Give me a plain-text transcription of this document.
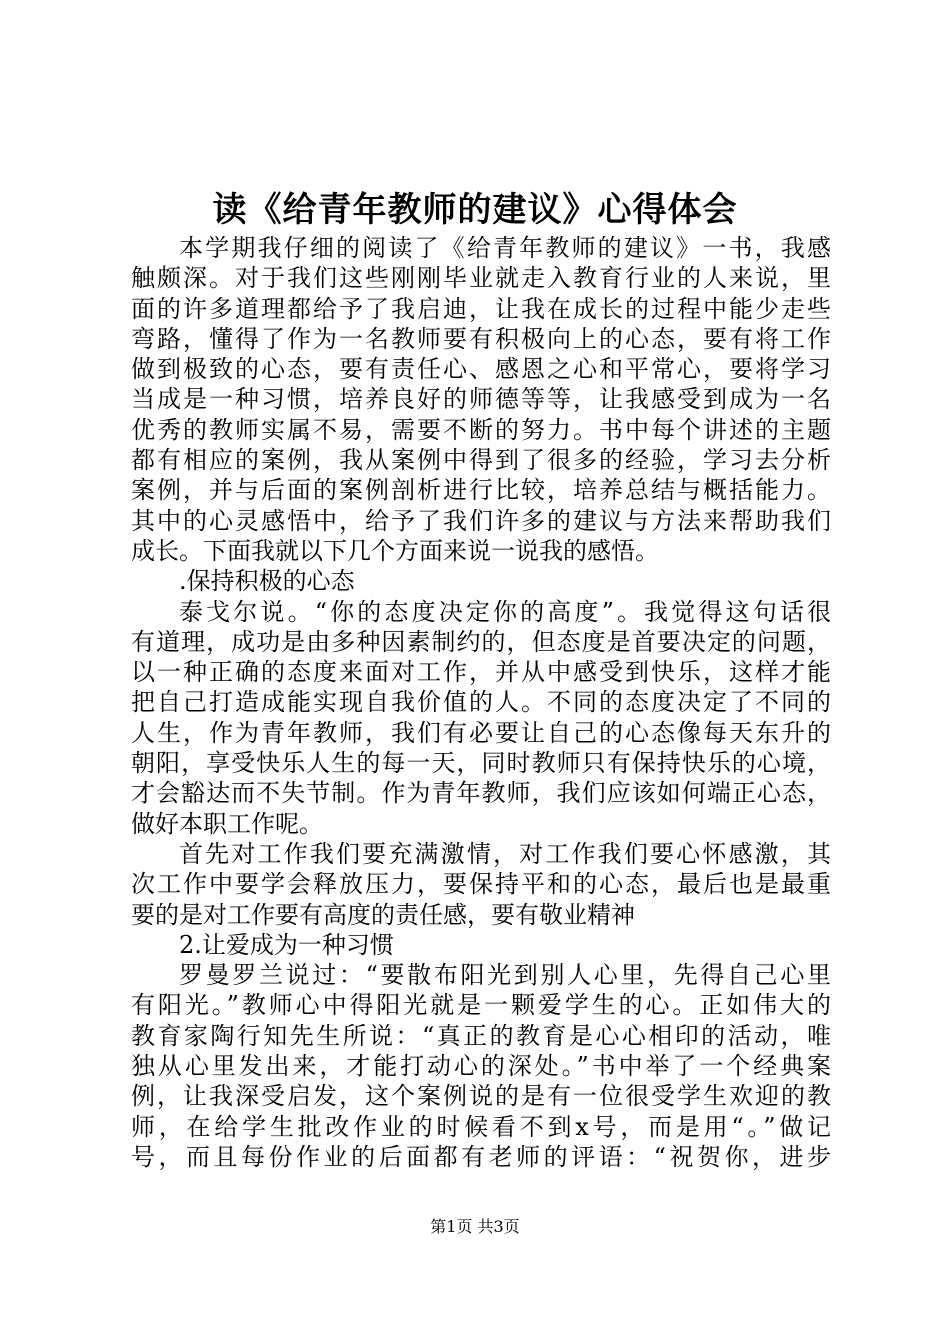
读《给青年教师的建议》心得体会
本学期我仔细的阅读了《给青年教师的建议》一书，我感
触颇深。对于我们这些刚刚毕业就走入教育行业的人来说，里
面的许多道理都给予了我启迪，让我在成长的过程中能少走些
弯路，懂得了作为一名教师要有积极向上的心态，要有将工作
做到极致的心态，要有责任心、感恩之心和平常心，要将学习
当成是一种习惯，培养良好的师德等等，让我感受到成为一名
优秀的教师实属不易，需要不断的努力。书中每个讲述的主题
都有相应的案例，我从案例中得到了很多的经验，学习去分析
案例，并与后面的案例剖析进行比较，培养总结与概括能力。
其中的心灵感悟中，给予了我们许多的建议与方法来帮助我们
成长。下面我就以下几个方面来说一说我的感悟。
.保持积极的心态
泰戈尔说。“你的态度决定你的高度”。我觉得这句话很
有道理，成功是由多种因素制约的，但态度是首要决定的问题，
以一种正确的态度来面对工作，并从中感受到快乐，这样才能
把自己打造成能实现自我价值的人。不同的态度决定了不同的
人生，作为青年教师，我们有必要让自己的心态像每天东升的
朝阳，享受快乐人生的每一天，同时教师只有保持快乐的心境，
才会豁达而不失节制。作为青年教师，我们应该如何端正心态，
做好本职工作呢。
首先对工作我们要充满激情，对工作我们要心怀感激，其
次工作中要学会释放压力，要保持平和的心态，最后也是最重
要的是对工作要有高度的责任感，要有敬业精神
2.让爱成为一种习惯
罗曼罗兰说过：“要散布阳光到别人心里，先得自己心里
有阳光。”教师心中得阳光就是一颗爱学生的心。正如伟大的
教育家陶行知先生所说：“真正的教育是心心相印的活动，唯
独从心里发出来，才能打动心的深处。”书中举了一个经典案
例，让我深受启发，这个案例说的是有一位很受学生欢迎的教
师，在给学生批改作业的时候看不到x号，而是用“。”做记
号，而且每份作业的后面都有老师的评语：“祝贺你，进步
第1页 共3页
